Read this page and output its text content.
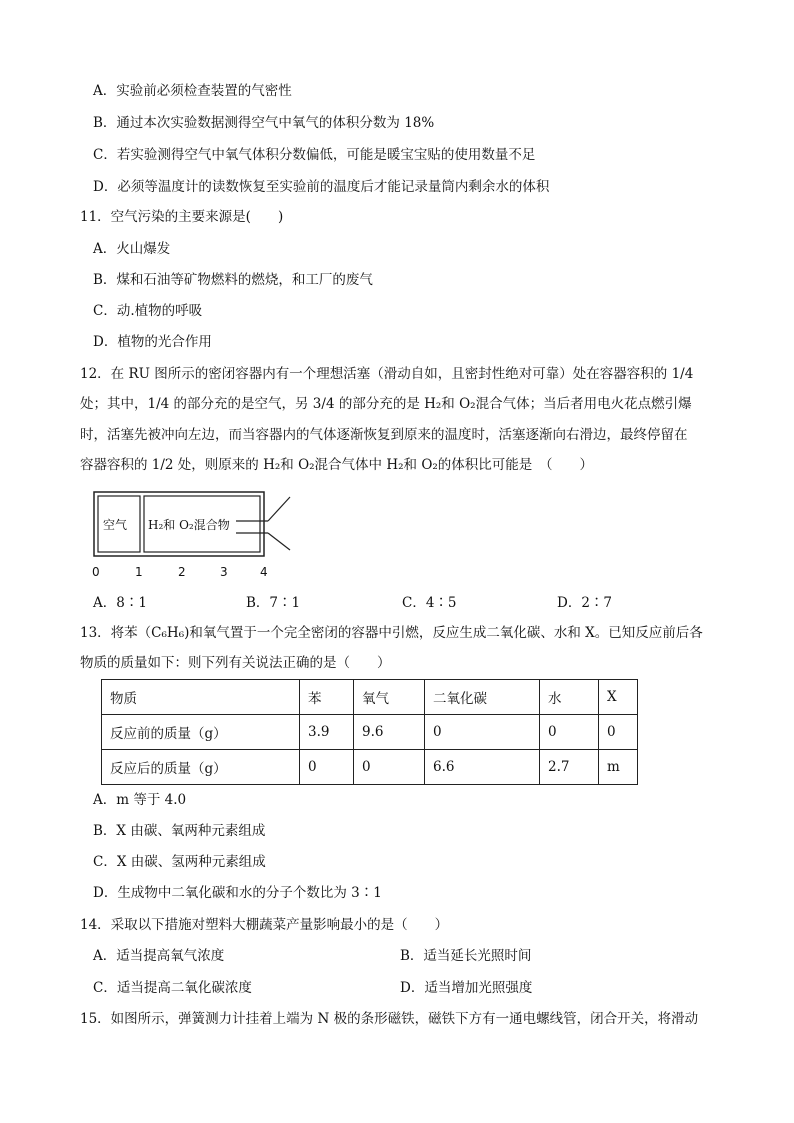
A．实验前必须检查装置的气密性
B．通过本次实验数据测得空气中氧气的体积分数为 18%
C．若实验测得空气中氧气体积分数偏低，可能是暖宝宝贴的使用数量不足
D．必须等温度计的读数恢复至实验前的温度后才能记录量筒内剩余水的体积
11．空气污染的主要来源是(　　)
A．火山爆发
B．煤和石油等矿物燃料的燃烧，和工厂的废气
C．动.植物的呼吸
D．植物的光合作用
12．在 RU 图所示的密闭容器内有一个理想活塞（滑动自如，且密封性绝对可靠）处在容器容积的 1/4
处；其中，1/4 的部分充的是空气，另 3/4 的部分充的是 H₂和 O₂混合气体；当后者用电火花点燃引爆
时，活塞先被冲向左边，而当容器内的气体逐渐恢复到原来的温度时，活塞逐渐向右滑边，最终停留在
容器容积的 1/2 处，则原来的 H₂和 O₂混合气体中 H₂和 O₂的体积比可能是　（　　）
空气 H₂和 O₂混合物
0	1	2	3	4
A．8∶1	B．7∶1	C．4∶5	D．2∶7
13．将苯（C₆H₆)和氧气置于一个完全密闭的容器中引燃，反应生成二氧化碳、水和 X。已知反应前后各
物质的质量如下：则下列有关说法正确的是（　　）
物质	苯	氧气	二氧化碳	水	X
反应前的质量（g）	3.9	9.6	0	0	0
反应后的质量（g）	0	0	6.6	2.7	m
A．m 等于 4.0
B．X 由碳、氧两种元素组成
C．X 由碳、氢两种元素组成
D．生成物中二氧化碳和水的分子个数比为 3∶1
14．采取以下措施对塑料大棚蔬菜产量影响最小的是（　　）
A．适当提高氧气浓度	B．适当延长光照时间
C．适当提高二氧化碳浓度	D．适当增加光照强度
15．如图所示，弹簧测力计挂着上端为 N 极的条形磁铁，磁铁下方有一通电螺线管，闭合开关，将滑动
